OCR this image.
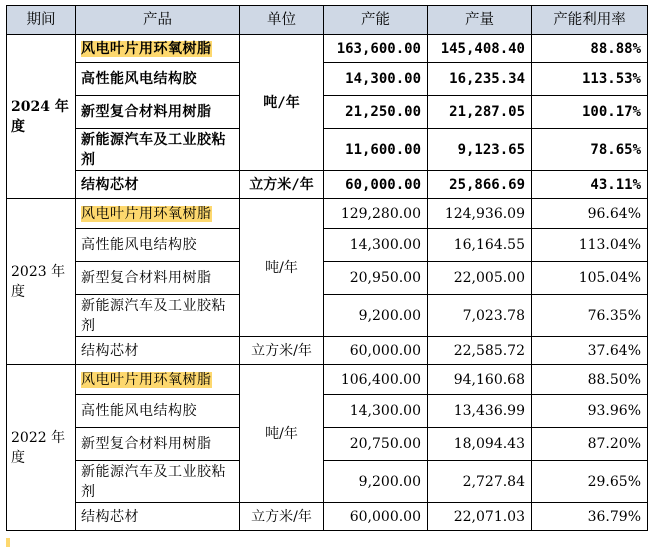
期间	产品	单位	产能	产量	产能利用率
2024 年度	风电叶片用环氧树脂	吨/年	163,600.00	145,408.40	88.88%
	高性能风电结构胶		14,300.00	16,235.34	113.53%
	新型复合材料用树脂		21,250.00	21,287.05	100.17%
	新能源汽车及工业胶粘剂		11,600.00	9,123.65	78.65%
	结构芯材	立方米/年	60,000.00	25,866.69	43.11%
2023 年度	风电叶片用环氧树脂	吨/年	129,280.00	124,936.09	96.64%
	高性能风电结构胶		14,300.00	16,164.55	113.04%
	新型复合材料用树脂		20,950.00	22,005.00	105.04%
	新能源汽车及工业胶粘剂		9,200.00	7,023.78	76.35%
	结构芯材	立方米/年	60,000.00	22,585.72	37.64%
2022 年度	风电叶片用环氧树脂	吨/年	106,400.00	94,160.68	88.50%
	高性能风电结构胶		14,300.00	13,436.99	93.96%
	新型复合材料用树脂		20,750.00	18,094.43	87.20%
	新能源汽车及工业胶粘剂		9,200.00	2,727.84	29.65%
	结构芯材	立方米/年	60,000.00	22,071.03	36.79%
